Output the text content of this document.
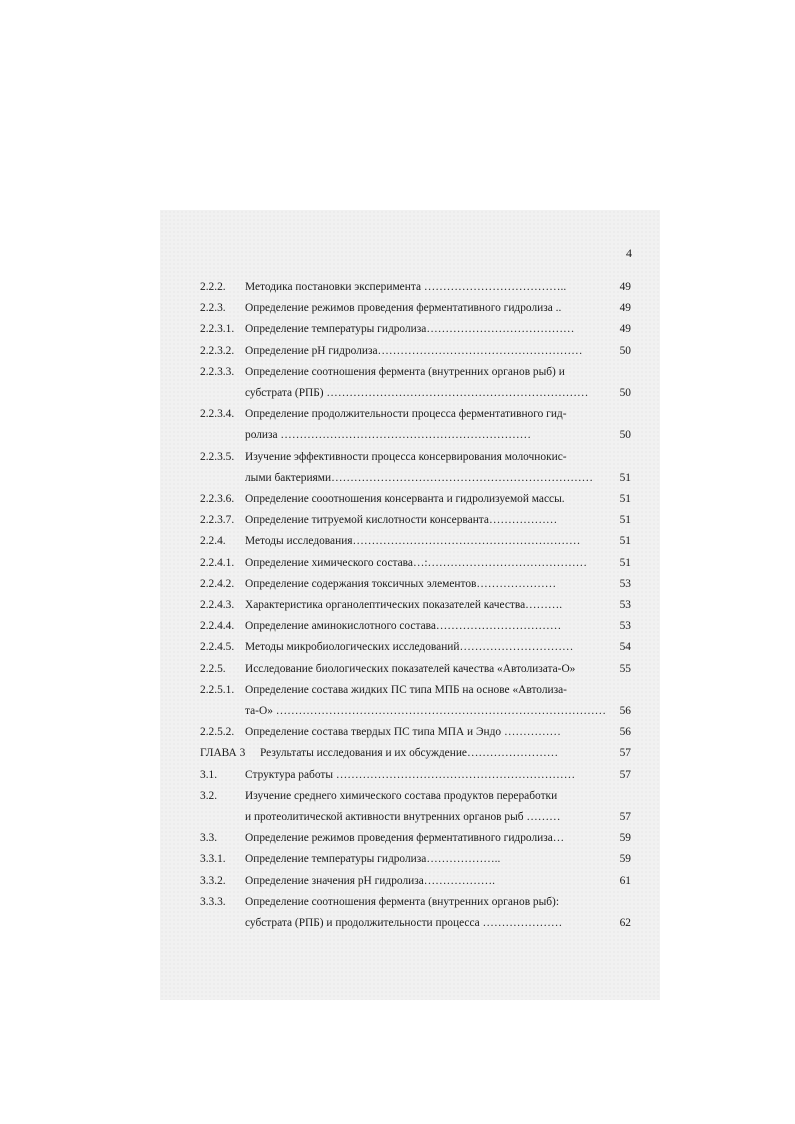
4
2.2.2. Методика постановки эксперимента ………………………………..	49
2.2.3. Определение режимов проведения ферментативного гидролиза ..	49
2.2.3.1. Определение температуры гидролиза…………………………………	49
2.2.3.2. Определение pH гидролиза………………………………………………	50
2.2.3.3. Определение соотношения фермента (внутренних органов рыб) и
субстрата (РПБ) ……………………………………………………………	50
2.2.3.4. Определение продолжительности процесса ферментативного гид-
ролиза …………………………………………………………	50
2.2.3.5. Изучение эффективности процесса консервирования молочнокис-
лыми бактериями…………………………………………………………… 51
2.2.3.6. Определение сооотношения консерванта и гидролизуемой массы.	51
2.2.3.7. Определение титруемой кислотности консерванта………………	51
2.2.4. Методы исследования……………………………………………………	51
2.2.4.1. Определение химического состава…:……………………………………	51
2.2.4.2. Определение содержания токсичных элементов…………………	53
2.2.4.3. Характеристика органолептических показателей качества……….	53
2.2.4.4. Определение аминокислотного состава……………………………	53
2.2.4.5. Методы микробиологических исследований…………………………	54
2.2.5. Исследование биологических показателей качества «Автолизата-О»	55
2.2.5.1. Определение состава жидких ПС типа МПБ на основе «Автолиза-
та-О» …………………………………………………………………………… 56
2.2.5.2. Определение состава твердых ПС типа МПА и Эндо ……………	56
ГЛАВА 3 Результаты исследования и их обсуждение……………………	57
3.1. Структура работы ………………………………………………………	57
3.2. Изучение среднего химического состава продуктов переработки
и протеолитической активности внутренних органов рыб ………	57
3.3. Определение режимов проведения ферментативного гидролиза…	59
3.3.1. Определение температуры гидролиза………………..	59
3.3.2. Определение значения pH гидролиза……………….	61
3.3.3. Определение соотношения фермента (внутренних органов рыб):
субстрата (РПБ) и продолжительности процесса …………………	62
